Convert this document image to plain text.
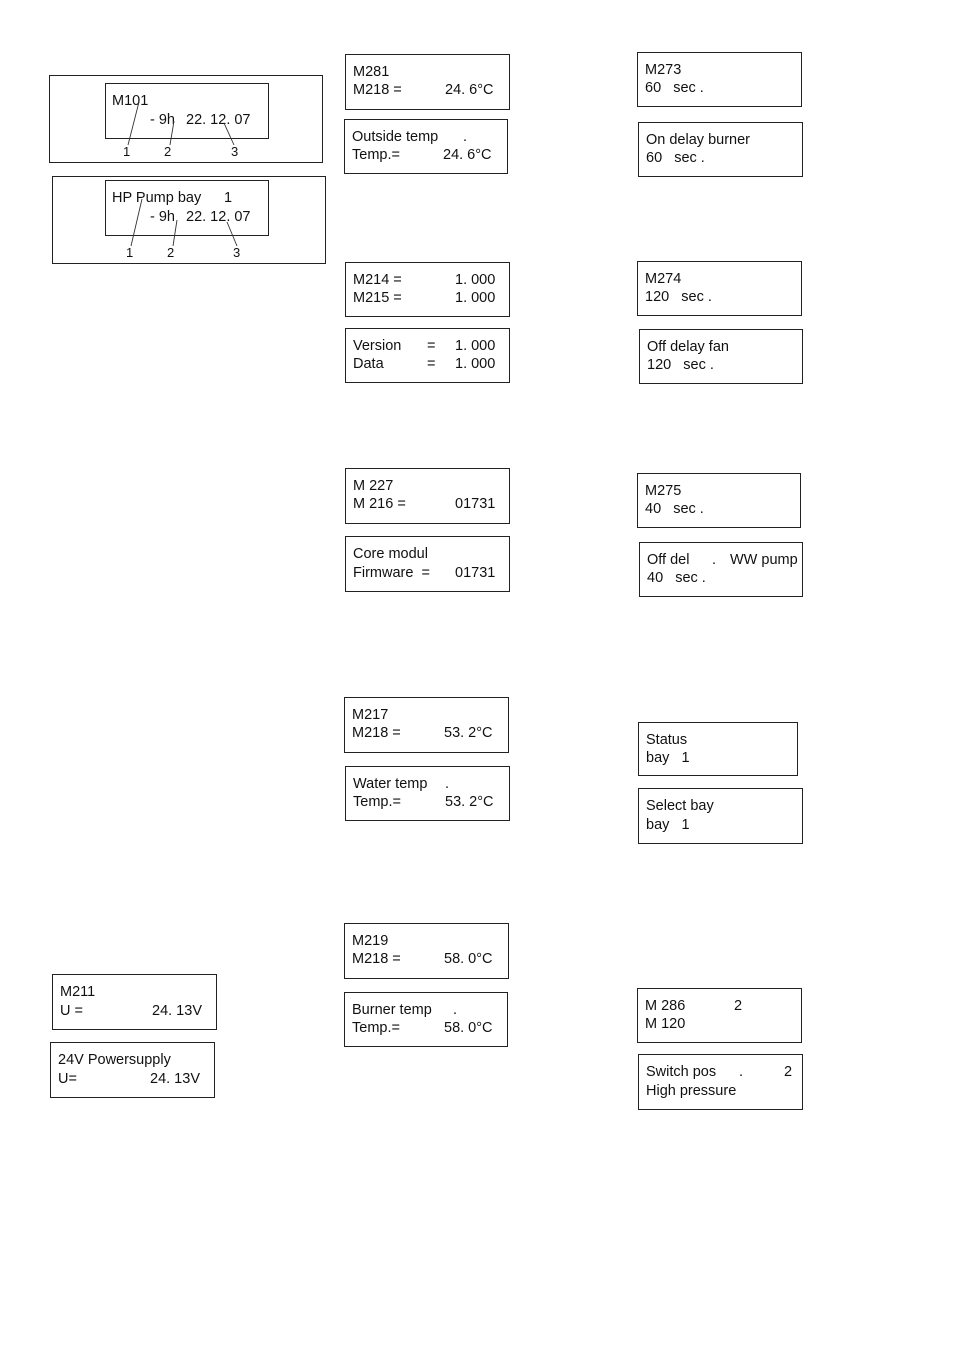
M101
- 9h 22. 12. 07
1	2	3
HP Pump bay 1
- 9h 22. 12. 07
1	2	3
M211
U =	24. 13V
24V Powersupply
U=	24. 13V
M281
M218 =	24. 6°C
Outside temp .
Temp.=	24. 6°C
M214 =	1. 000
M215 =	1. 000
Version = 1. 000
Data	= 1. 000
M 227
M 216 =	01731
Core modul
Firmware  = 01731
M217
M218 =	53. 2°C
Water temp .
Temp.=	53. 2°C
M219
M218 =	58. 0°C
Burner temp .
Temp.=	58. 0°C
M273
60   sec .
On delay burner
60   sec .
M274
120   sec .
Off delay fan
120   sec .
M275
40   sec .
Off del . WW pump
40   sec .
Status
bay   1
Select bay
bay   1
M 286	2
M 120
Switch pos .	2
High pressure
